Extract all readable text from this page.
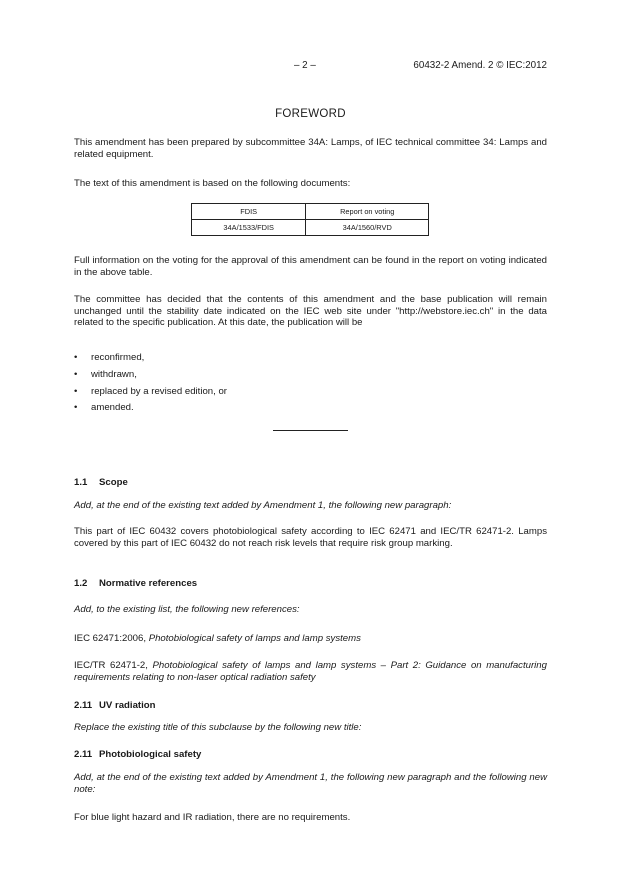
– 2 –	60432-2 Amend. 2 © IEC:2012
FOREWORD
This amendment has been prepared by subcommittee 34A: Lamps, of IEC technical committee 34: Lamps and related equipment.
The text of this amendment is based on the following documents:
FDIS	Report on voting
34A/1533/FDIS	34A/1560/RVD
Full information on the voting for the approval of this amendment can be found in the report on voting indicated in the above table.
The committee has decided that the contents of this amendment and the base publication will remain unchanged until the stability date indicated on the IEC web site under "http://webstore.iec.ch" in the data related to the specific publication. At this date, the publication will be
• reconfirmed,
• withdrawn,
• replaced by a revised edition, or
• amended.
1.1 Scope
Add, at the end of the existing text added by Amendment 1, the following new paragraph:
This part of IEC 60432 covers photobiological safety according to IEC 62471 and IEC/TR 62471-2. Lamps covered by this part of IEC 60432 do not reach risk levels that require risk group marking.
1.2 Normative references
Add, to the existing list, the following new references:
IEC 62471:2006, Photobiological safety of lamps and lamp systems
IEC/TR 62471-2, Photobiological safety of lamps and lamp systems – Part 2: Guidance on manufacturing requirements relating to non-laser optical radiation safety
2.11 UV radiation
Replace the existing title of this subclause by the following new title:
2.11 Photobiological safety
Add, at the end of the existing text added by Amendment 1, the following new paragraph and the following new note:
For blue light hazard and IR radiation, there are no requirements.
